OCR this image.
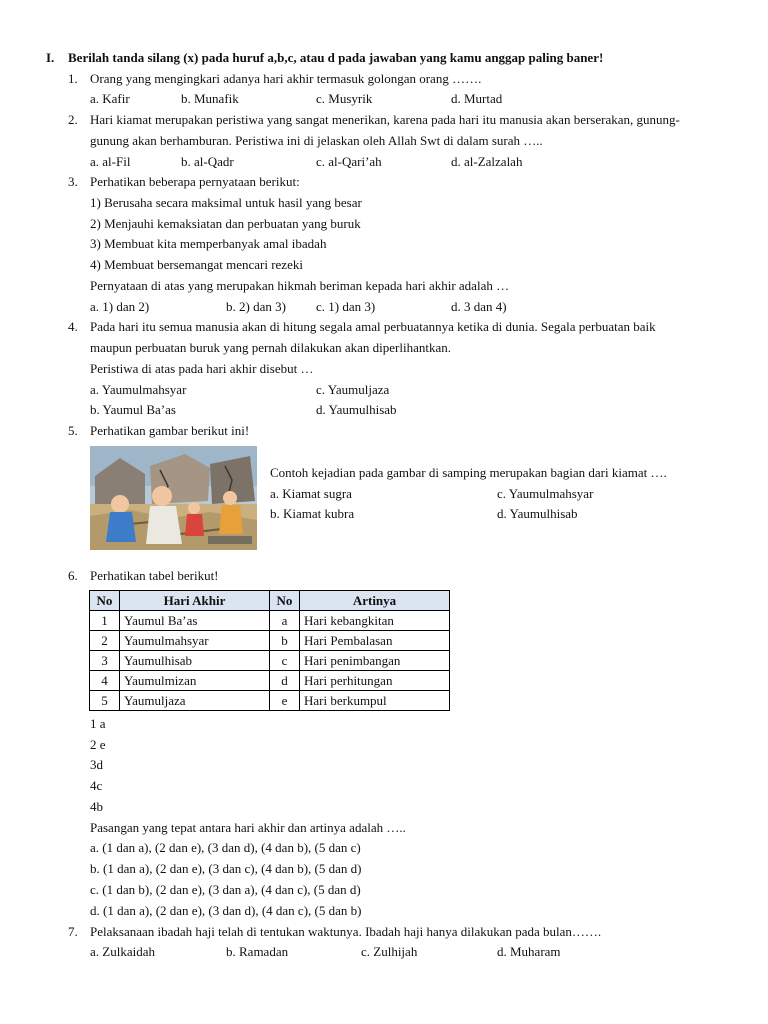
I. Berilah tanda silang (x) pada huruf a,b,c, atau d pada jawaban yang kamu anggap paling baner!
1. Orang yang mengingkari adanya hari akhir termasuk golongan orang …….
a. Kafir	b. Munafik	c. Musyrik	d. Murtad
2. Hari kiamat merupakan peristiwa yang sangat menerikan, karena pada hari itu manusia akan berserakan, gunung-
gunung akan berhamburan. Peristiwa ini di jelaskan oleh Allah Swt di dalam surah …..
a. al-Fil	b. al-Qadr	c. al-Qari’ah	d. al-Zalzalah
3. Perhatikan beberapa pernyataan berikut:
1) Berusaha secara maksimal untuk hasil yang besar
2) Menjauhi kemaksiatan dan perbuatan yang buruk
3) Membuat kita memperbanyak amal ibadah
4) Membuat bersemangat mencari rezeki
Pernyataan di atas yang merupakan hikmah beriman kepada hari akhir adalah …
a. 1) dan 2)	b. 2) dan 3) c. 1) dan 3)	d. 3 dan 4)
4. Pada hari itu semua manusia akan di hitung segala amal perbuatannya ketika di dunia. Segala perbuatan baik
maupun perbuatan buruk yang pernah dilakukan akan diperlihantkan.
Peristiwa di atas pada hari akhir disebut …
a. Yaumulmahsyar	c. Yaumuljaza
b. Yaumul Ba’as	d. Yaumulhisab
5. Perhatikan gambar berikut ini!
Contoh kejadian pada gambar di samping merupakan bagian dari kiamat ….
a. Kiamat sugra	c. Yaumulmahsyar
b. Kiamat kubra	d. Yaumulhisab
6. Perhatikan tabel berikut!
No	Hari Akhir	No	Artinya
1	Yaumul Ba’as	a	Hari kebangkitan
2	Yaumulmahsyar	b	Hari Pembalasan
3	Yaumulhisab	c	Hari penimbangan
4	Yaumulmizan	d	Hari perhitungan
5	Yaumuljaza	e	Hari berkumpul
1 a
2 e
3d
4c
4b
Pasangan yang tepat antara hari akhir dan artinya adalah …..
a. (1 dan a), (2 dan e), (3 dan d), (4 dan b), (5 dan c)
b. (1 dan a), (2 dan e), (3 dan c), (4 dan b), (5 dan d)
c. (1 dan b), (2 dan e), (3 dan a), (4 dan c), (5 dan d)
d. (1 dan a), (2 dan e), (3 dan d), (4 dan c), (5 dan b)
7. Pelaksanaan ibadah haji telah di tentukan waktunya. Ibadah haji hanya dilakukan pada bulan…….
a. Zulkaidah	b. Ramadan	c. Zulhijah	d. Muharam
